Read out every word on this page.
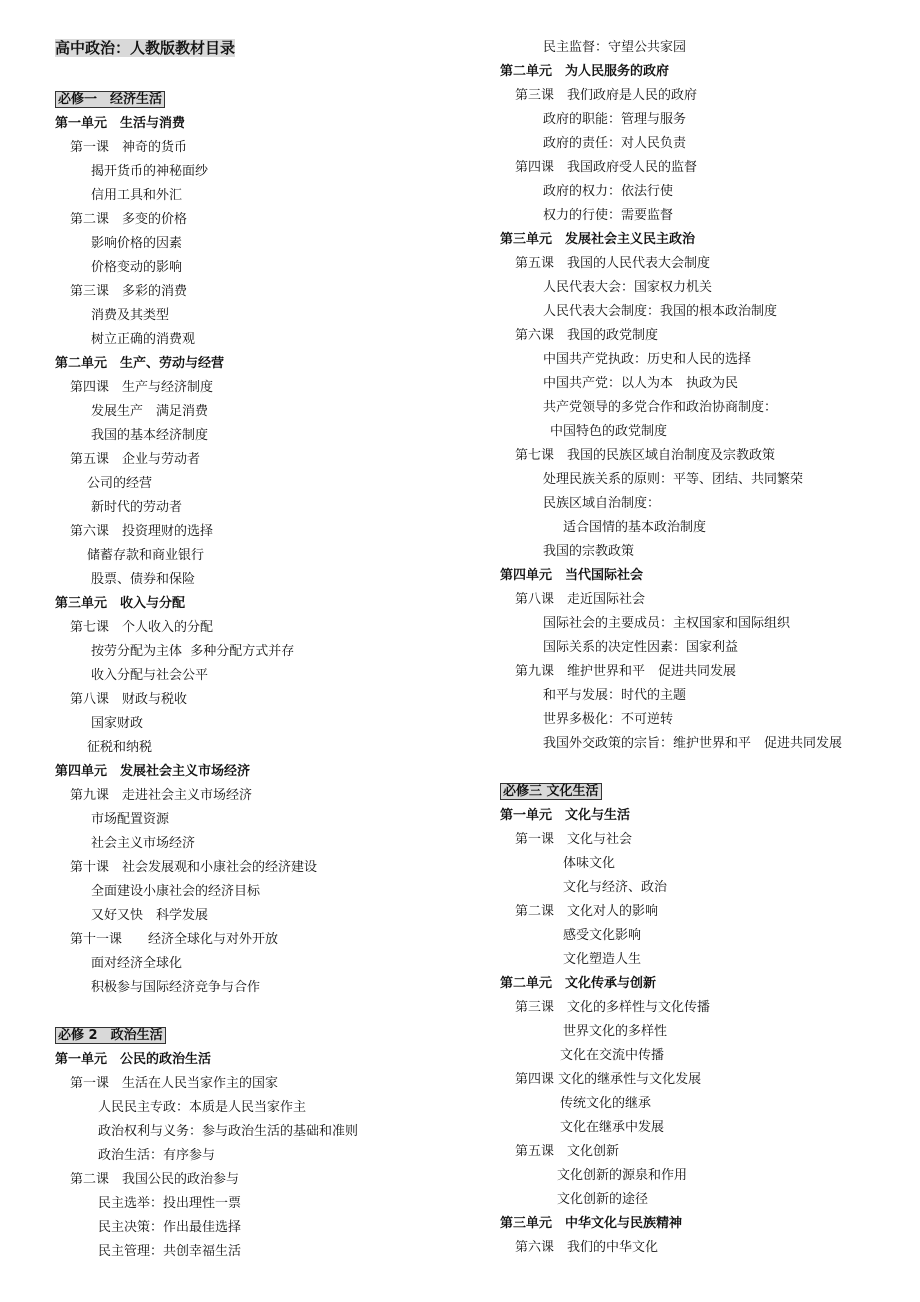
高中政治：人教版教材目录
必修一　经济生活
第一单元　生活与消费
第一课　神奇的货币
揭开货币的神秘面纱
信用工具和外汇
第二课　多变的价格
影响价格的因素
价格变动的影响
第三课　多彩的消费
消费及其类型
树立正确的消费观
第二单元　生产、劳动与经营
第四课　生产与经济制度
发展生产　满足消费
我国的基本经济制度
第五课　企业与劳动者
公司的经营
新时代的劳动者
第六课　投资理财的选择
储蓄存款和商业银行
股票、债券和保险
第三单元　收入与分配
第七课　个人收入的分配
按劳分配为主体  多种分配方式并存
收入分配与社会公平
第八课　财政与税收
国家财政
征税和纳税
第四单元　发展社会主义市场经济
第九课　走进社会主义市场经济
市场配置资源
社会主义市场经济
第十课　社会发展观和小康社会的经济建设
全面建设小康社会的经济目标
又好又快　科学发展
第十一课　　经济全球化与对外开放
面对经济全球化
积极参与国际经济竞争与合作
必修 2　政治生活
第一单元　公民的政治生活
第一课　生活在人民当家作主的国家
人民民主专政：本质是人民当家作主
政治权利与义务：参与政治生活的基础和准则
政治生活：有序参与
第二课　我国公民的政治参与
民主选举：投出理性一票
民主决策：作出最佳选择
民主管理：共创幸福生活
民主监督：守望公共家园
第二单元　为人民服务的政府
第三课　我们政府是人民的政府
政府的职能：管理与服务
政府的责任：对人民负责
第四课　我国政府受人民的监督
政府的权力：依法行使
权力的行使：需要监督
第三单元　发展社会主义民主政治
第五课　我国的人民代表大会制度
人民代表大会：国家权力机关
人民代表大会制度：我国的根本政治制度
第六课　我国的政党制度
中国共产党执政：历史和人民的选择
中国共产党：以人为本　执政为民
共产党领导的多党合作和政治协商制度：
中国特色的政党制度
第七课　我国的民族区域自治制度及宗教政策
处理民族关系的原则：平等、团结、共同繁荣
民族区域自治制度：
适合国情的基本政治制度
我国的宗教政策
第四单元　当代国际社会
第八课　走近国际社会
国际社会的主要成员：主权国家和国际组织
国际关系的决定性因素：国家利益
第九课　维护世界和平　促进共同发展
和平与发展：时代的主题
世界多极化：不可逆转
我国外交政策的宗旨：维护世界和平　促进共同发展
必修三 文化生活
第一单元　文化与生活
第一课　文化与社会
体味文化
文化与经济、政治
第二课　文化对人的影响
感受文化影响
文化塑造人生
第二单元　文化传承与创新
第三课　文化的多样性与文化传播
世界文化的多样性
文化在交流中传播
第四课 文化的继承性与文化发展
传统文化的继承
文化在继承中发展
第五课　文化创新
文化创新的源泉和作用
文化创新的途径
第三单元　中华文化与民族精神
第六课　我们的中华文化
